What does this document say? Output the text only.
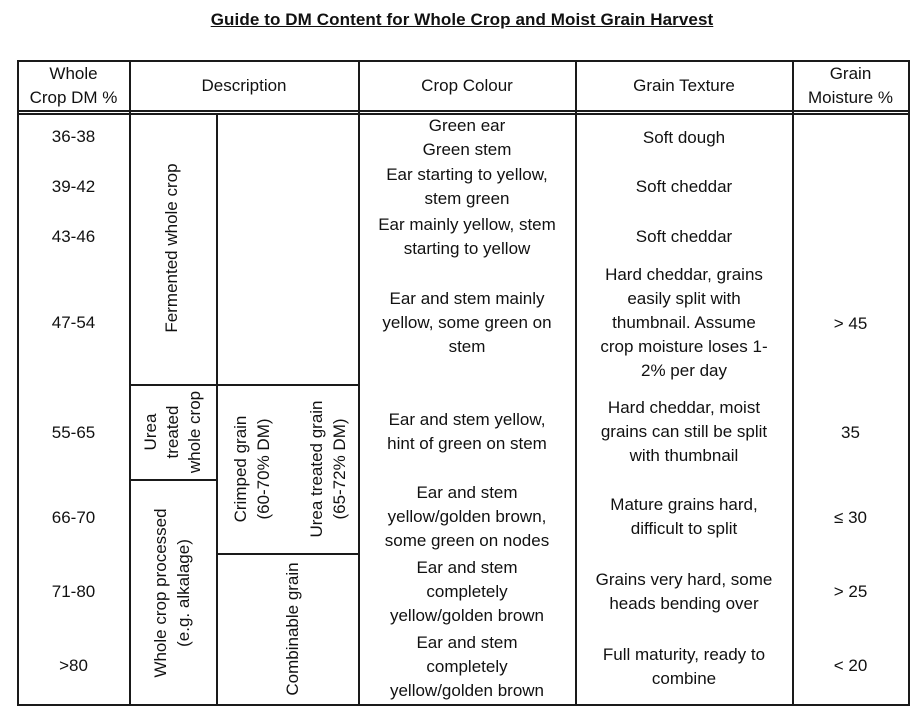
Guide to DM Content for Whole Crop and Moist Grain Harvest
Whole
Crop DM %
Description	Crop Colour	Grain Texture
Grain
Moisture %
Fermented whole crop
Urea treated whole crop
Whole crop processed (e.g. alkalage)
Crimped grain (60-70% DM) Urea treated grain (65-72% DM)
Combinable grain
36-38
Green ear
Green stem
Soft dough
39-42
Ear starting to yellow,
stem green
Soft cheddar
43-46
Ear mainly yellow, stem
starting to yellow
Soft cheddar
47-54
Ear and stem mainly
yellow, some green on
stem
Hard cheddar, grains
easily split with
thumbnail. Assume
crop moisture loses 1-
2% per day
> 45
55-65
Ear and stem yellow,
hint of green on stem
Hard cheddar, moist
grains can still be split
with thumbnail
35
66-70
Ear and stem
yellow/golden brown,
some green on nodes
Mature grains hard,
difficult to split
≤ 30
71-80
Ear and stem
completely
yellow/golden brown
Grains very hard, some
heads bending over
> 25
>80
Ear and stem
completely
yellow/golden brown
Full maturity, ready to
combine
< 20
